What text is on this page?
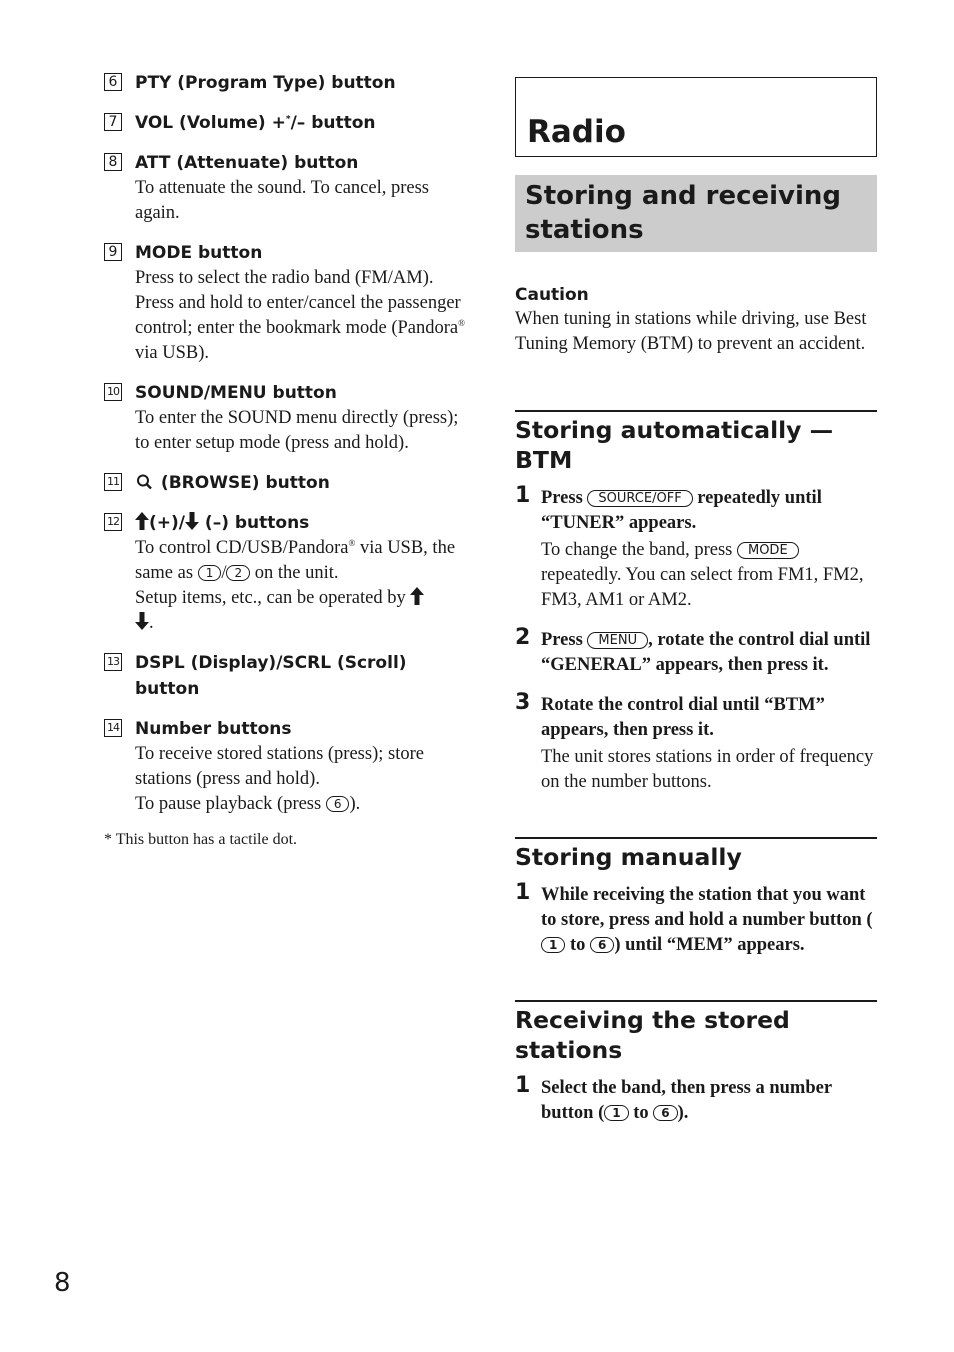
6 PTY (Program Type) button
7 VOL (Volume) +*/– button
8 ATT (Attenuate) button
To attenuate the sound. To cancel, press again.
9 MODE button
Press to select the radio band (FM/AM). Press and hold to enter/cancel the passenger control; enter the bookmark mode (Pandora® via USB).
10 SOUND/MENU button
To enter the SOUND menu directly (press); to enter setup mode (press and hold).
11	(BROWSE) button
12	(+)/ (–) buttons
To control CD/USB/Pandora® via USB, the same as 1 / 2 on the unit.
Setup items, etc., can be operated by
.
13 DSPL (Display)/SCRL (Scroll) button
14 Number buttons
To receive stored stations (press); store stations (press and hold).
To pause playback (press 6 ).
* This button has a tactile dot.
Radio
Storing and receiving stations
Caution
When tuning in stations while driving, use Best Tuning Memory (BTM) to prevent an accident.
Storing automatically — BTM
1 Press SOURCE/OFF repeatedly until “TUNER” appears.
To change the band, press MODE repeatedly. You can select from FM1, FM2, FM3, AM1 or AM2.
2 Press MENU , rotate the control dial until “GENERAL” appears, then press it.
3 Rotate the control dial until “BTM” appears, then press it.
The unit stores stations in order of frequency on the number buttons.
Storing manually
1 While receiving the station that you want to store, press and hold a number button (1 to 6 ) until “MEM” appears.
Receiving the stored stations
1 Select the band, then press a number button ( 1 to 6 ).
8
